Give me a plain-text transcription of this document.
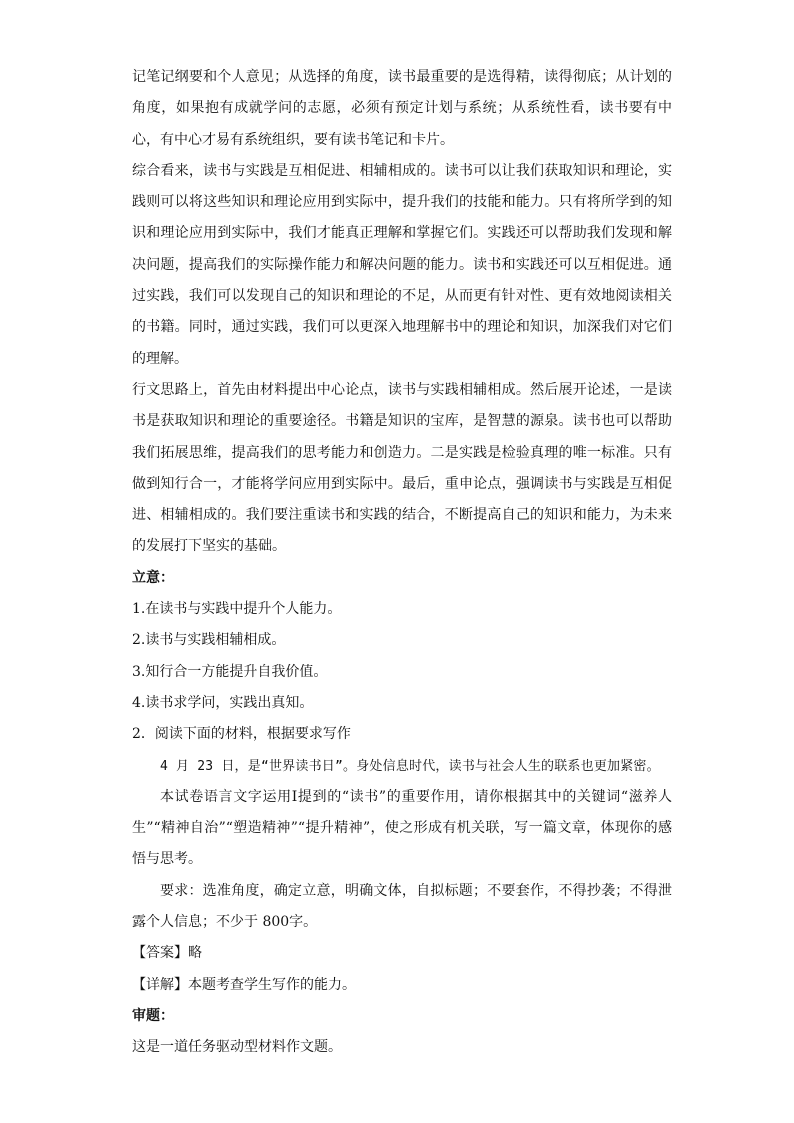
记笔记纲要和个人意见；从选择的角度，读书最重要的是选得精，读得彻底；从计划的角度，如果抱有成就学问的志愿，必须有预定计划与系统；从系统性看，读书要有中心，有中心才易有系统组织，要有读书笔记和卡片。

综合看来，读书与实践是互相促进、相辅相成的。读书可以让我们获取知识和理论，实践则可以将这些知识和理论应用到实际中，提升我们的技能和能力。只有将所学到的知识和理论应用到实际中，我们才能真正理解和掌握它们。实践还可以帮助我们发现和解决问题，提高我们的实际操作能力和解决问题的能力。读书和实践还可以互相促进。通过实践，我们可以发现自己的知识和理论的不足，从而更有针对性、更有效地阅读相关的书籍。同时，通过实践，我们可以更深入地理解书中的理论和知识，加深我们对它们的理解。

行文思路上，首先由材料提出中心论点，读书与实践相辅相成。然后展开论述，一是读书是获取知识和理论的重要途径。书籍是知识的宝库，是智慧的源泉。读书也可以帮助我们拓展思维，提高我们的思考能力和创造力。二是实践是检验真理的唯一标准。只有做到知行合一，才能将学问应用到实际中。最后，重申论点，强调读书与实践是互相促进、相辅相成的。我们要注重读书和实践的结合，不断提高自己的知识和能力，为未来的发展打下坚实的基础。

立意：

1.在读书与实践中提升个人能力。

2.读书与实践相辅相成。

3.知行合一方能提升自我价值。

4.读书求学问，实践出真知。

2．阅读下面的材料，根据要求写作

4 月 23 日，是“世界读书日”。身处信息时代，读书与社会人生的联系也更加紧密。

本试卷语言文字运用Ⅰ提到的“读书”的重要作用，请你根据其中的关键词“滋养人生”“精神自治”“塑造精神”“提升精神”，使之形成有机关联，写一篇文章，体现你的感悟与思考。

要求：选准角度，确定立意，明确文体，自拟标题；不要套作，不得抄袭；不得泄露个人信息；不少于 800字。

【答案】略

【详解】本题考查学生写作的能力。

审题：

这是一道任务驱动型材料作文题。
